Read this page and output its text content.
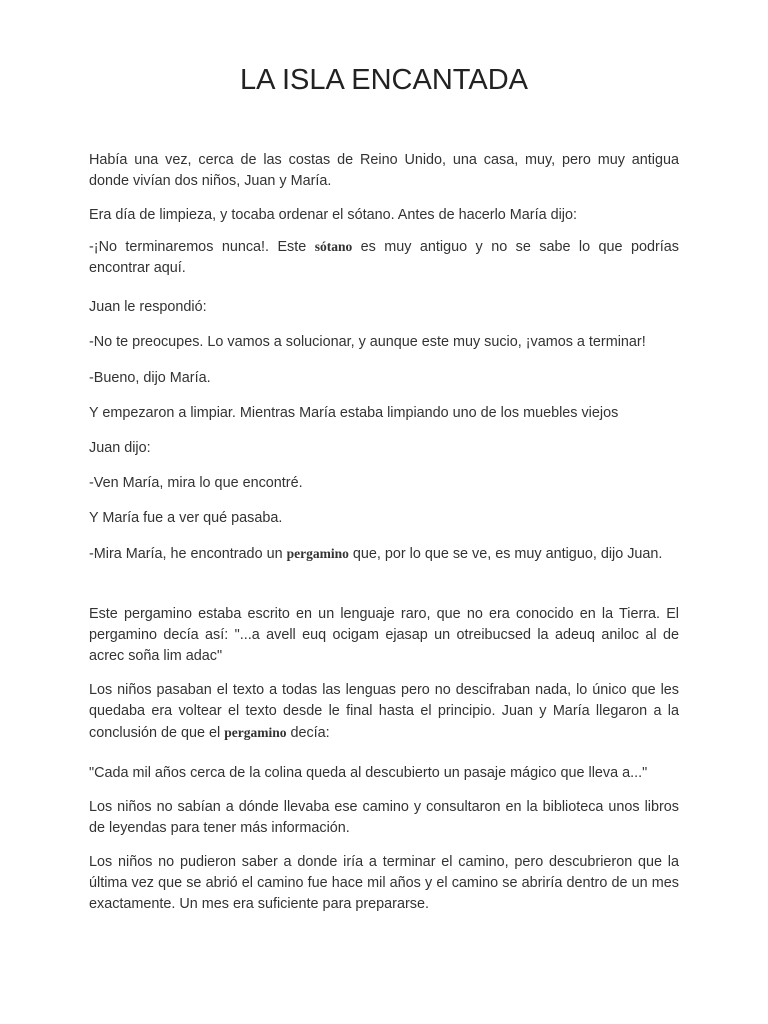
LA ISLA ENCANTADA

Había una vez, cerca de las costas de Reino Unido, una casa, muy, pero muy antigua donde vivían dos niños, Juan y María.

Era día de limpieza, y tocaba ordenar el sótano. Antes de hacerlo María dijo:

-¡No terminaremos nunca!. Este sótano es muy antiguo y no se sabe lo que podrías encontrar aquí.

Juan le respondió:

-No te preocupes. Lo vamos a solucionar, y aunque este muy sucio, ¡vamos a terminar!

-Bueno, dijo María.

Y empezaron a limpiar. Mientras María estaba limpiando uno de los muebles viejos

Juan dijo:

-Ven María, mira lo que encontré.

Y María fue a ver qué pasaba.

-Mira María, he encontrado un pergamino que, por lo que se ve, es muy antiguo, dijo Juan.

Este pergamino estaba escrito en un lenguaje raro, que no era conocido en la Tierra. El pergamino decía así: "...a avell euq ocigam ejasap un otreibucsed la adeuq aniloc al de acrec soña lim adac"

Los niños pasaban el texto a todas las lenguas pero no descifraban nada, lo único que les quedaba era voltear el texto desde le final hasta el principio. Juan y María llegaron a la conclusión de que el pergamino decía:

"Cada mil años cerca de la colina queda al descubierto un pasaje mágico que lleva a..."

Los niños no sabían a dónde llevaba ese camino y consultaron en la biblioteca unos libros de leyendas para tener más información.

Los niños no pudieron saber a donde iría a terminar el camino, pero descubrieron que la última vez que se abrió el camino fue hace mil años y el camino se abriría dentro de un mes exactamente. Un mes era suficiente para prepararse.
